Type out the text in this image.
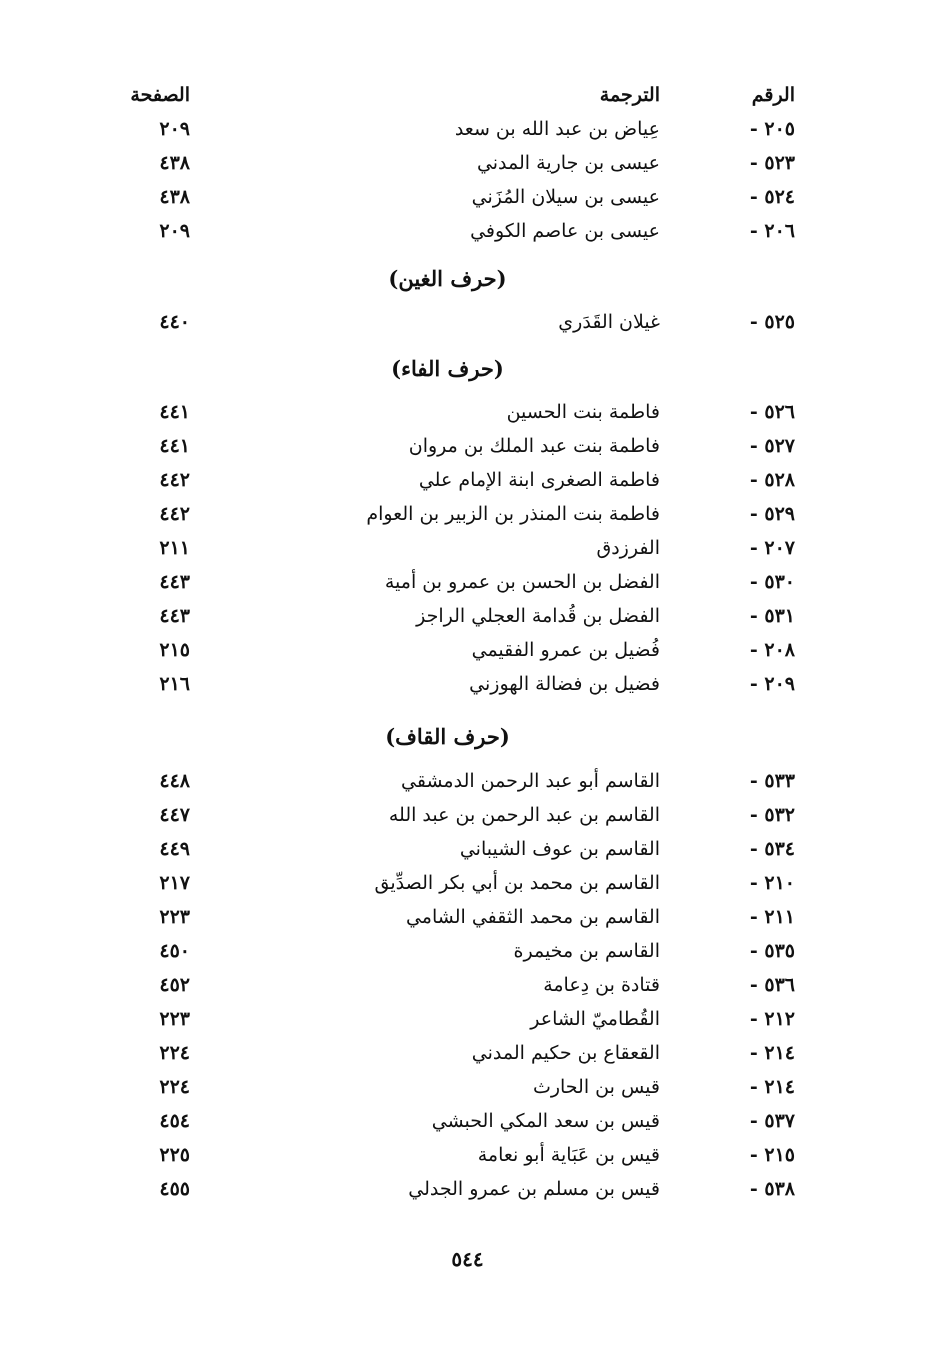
الرقم
الترجمة
الصفحة
٢٠٥ -
عِياض بن عبد الله بن سعد
٢٠٩
٥٢٣ -
عيسى بن جارية المدني
٤٣٨
٥٢٤ -
عيسى بن سيلان المُزَني
٤٣٨
٢٠٦ -
عيسى بن عاصم الكوفي
٢٠٩
(حرف الغين)
٥٢٥ -
غيلان القَدَري
٤٤٠
(حرف الفاء)
٥٢٦ -
فاطمة بنت الحسين
٤٤١
٥٢٧ -
فاطمة بنت عبد الملك بن مروان
٤٤١
٥٢٨ -
فاطمة الصغرى ابنة الإمام علي
٤٤٢
٥٢٩ -
فاطمة بنت المنذر بن الزبير بن العوام
٤٤٢
٢٠٧ -
الفرزدق
٢١١
٥٣٠ -
الفضل بن الحسن بن عمرو بن أمية
٤٤٣
٥٣١ -
الفضل بن قُدامة العجلي الراجز
٤٤٣
٢٠٨ -
فُضيل بن عمرو الفقيمي
٢١٥
٢٠٩ -
فضيل بن فضالة الهوزني
٢١٦
(حرف القاف)
٥٣٣ -
القاسم أبو عبد الرحمن الدمشقي
٤٤٨
٥٣٢ -
القاسم بن عبد الرحمن بن عبد الله
٤٤٧
٥٣٤ -
القاسم بن عوف الشيباني
٤٤٩
٢١٠ -
القاسم بن محمد بن أبي بكر الصدِّيق
٢١٧
٢١١ -
القاسم بن محمد الثقفي الشامي
٢٢٣
٥٣٥ -
القاسم بن مخيمرة
٤٥٠
٥٣٦ -
قتادة بن دِعامة
٤٥٢
٢١٢ -
القُطاميّ الشاعر
٢٢٣
٢١٤ -
القعقاع بن حكيم المدني
٢٢٤
٢١٤ -
قيس بن الحارث
٢٢٤
٥٣٧ -
قيس بن سعد المكي الحبشي
٤٥٤
٢١٥ -
قيس بن عَبَاية أبو نعامة
٢٢٥
٥٣٨ -
قيس بن مسلم بن عمرو الجدلي
٤٥٥
٥٤٤
